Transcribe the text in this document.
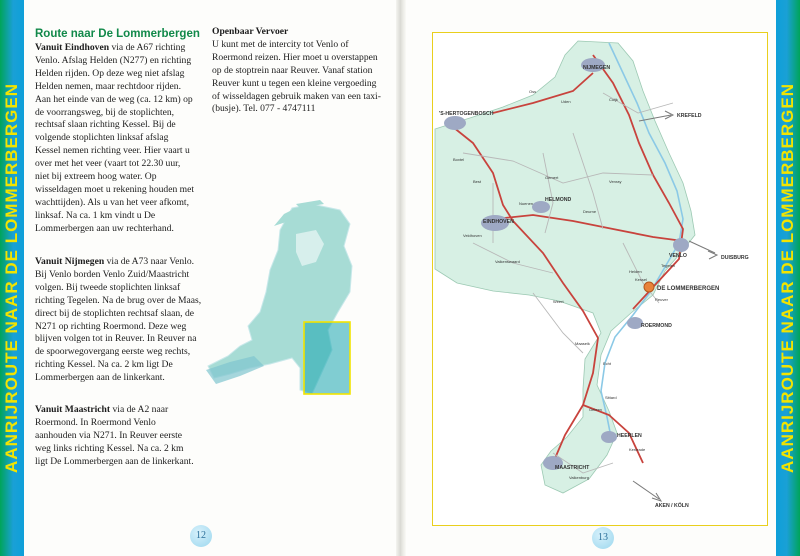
AANRIJROUTE NAAR DE LOMMERBERGEN
Route naar De Lommerbergen
Vanuit Eindhoven via de A67 richting Venlo. Afslag Helden (N277) en richting Helden rijden. Op deze weg niet afslag Helden nemen, maar rechtdoor rijden. Aan het einde van de weg (ca. 12 km) op de voorrangsweg, bij de stoplichten, rechtsaf slaan richting Kessel. Bij de volgende stoplichten linksaf afslag Kessel nemen richting veer. Hier vaart u over met het veer (vaart tot 22.30 uur, niet bij extreem hoog water. Op wisseldagen moet u rekening houden met wachttijden). Als u van het veer afkomt, linksaf. Na ca. 1 km vindt u De Lommerbergen aan uw rechterhand.
Vanuit Nijmegen via de A73 naar Venlo. Bij Venlo borden Venlo Zuid/Maastricht volgen. Bij tweede stoplichten linksaf richting Tegelen. Na de brug over de Maas, direct bij de stoplichten rechtsaf slaan, de N271 op richting Roermond. Deze weg blijven volgen tot in Reuver. In Reuver na de spoorwegovergang eerste weg rechts, richting Kessel. Na ca. 2 km ligt De Lommerbergen aan de linkerkant.
Vanuit Maastricht via de A2 naar Roermond. In Roermond Venlo aanhouden via N271. In Reuver eerste weg links richting Kessel. Na ca. 2 km ligt De Lommerbergen aan de linkerkant.
Openbaar Vervoer
U kunt met de intercity tot Venlo of Roermond reizen. Hier moet u overstappen op de stoptrein naar Reuver. Vanaf station Reuver kunt u tegen een kleine vergoeding of wisseldagen gebruik maken van een taxi-(busje). Tel. 077 - 4747111
12
NIJMEGEN
'S-HERTOGENBOSCH
EINDHOVEN
HELMOND
VENLO
ROERMOND
HEERLEN
MAASTRICHT
KREFELD
DUISBURG
AKEN / KÖLN
DE LOMMERBERGEN
Boxtel
Uden
Oss
Venray
Helden
Tegelen
Reuver
Kessel
Weert
Sittard
Geleen
Best
Veldhoven
Valkenswaard
Kerkrade
Valkenburg
Echt
Maaseik
Cuijk
Gemert
Deurne
Nuenen
13
AANRIJROUTE NAAR DE LOMMERBERGEN
